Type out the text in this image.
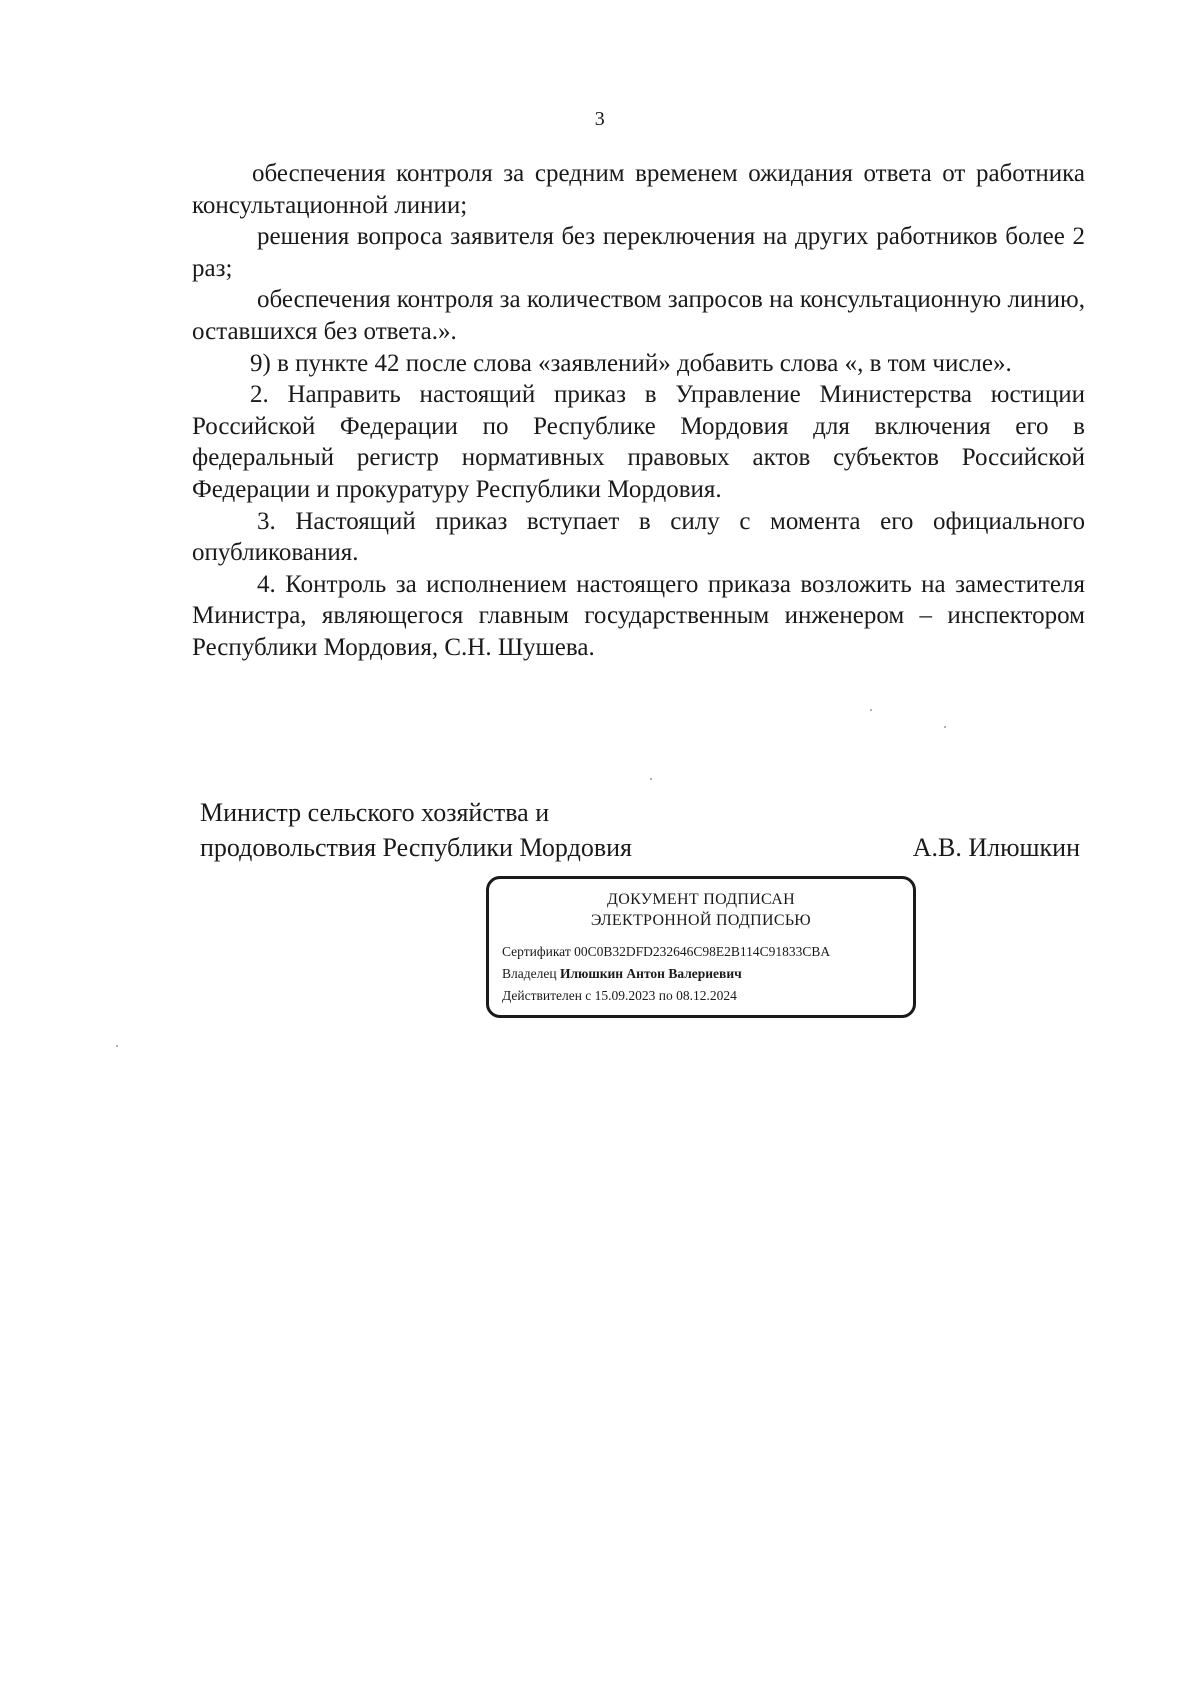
3

обеспечения контроля за средним временем ожидания ответа от работника консультационной линии;

решения вопроса заявителя без переключения на других работников более 2 раз;

обеспечения контроля за количеством запросов на консультационную линию, оставшихся без ответа.».

9) в пункте 42 после слова «заявлений» добавить слова «, в том числе».

2. Направить настоящий приказ в Управление Министерства юстиции Российской Федерации по Республике Мордовия для включения его в федеральный регистр нормативных правовых актов субъектов Российской Федерации и прокуратуру Республики Мордовия.

3. Настоящий приказ вступает в силу с момента его официального опубликования.

4. Контроль за исполнением настоящего приказа возложить на заместителя Министра, являющегося главным государственным инженером – инспектором Республики Мордовия, С.Н. Шушева.

Министр сельского хозяйства и
продовольствия Республики Мордовия	А.В. Илюшкин
ДОКУМЕНТ ПОДПИСАН
ЭЛЕКТРОННОЙ ПОДПИСЬЮ
Сертификат 00C0B32DFD232646C98E2B114C91833CBA
Владелец Илюшкин Антон Валериевич
Действителен с 15.09.2023 по 08.12.2024
